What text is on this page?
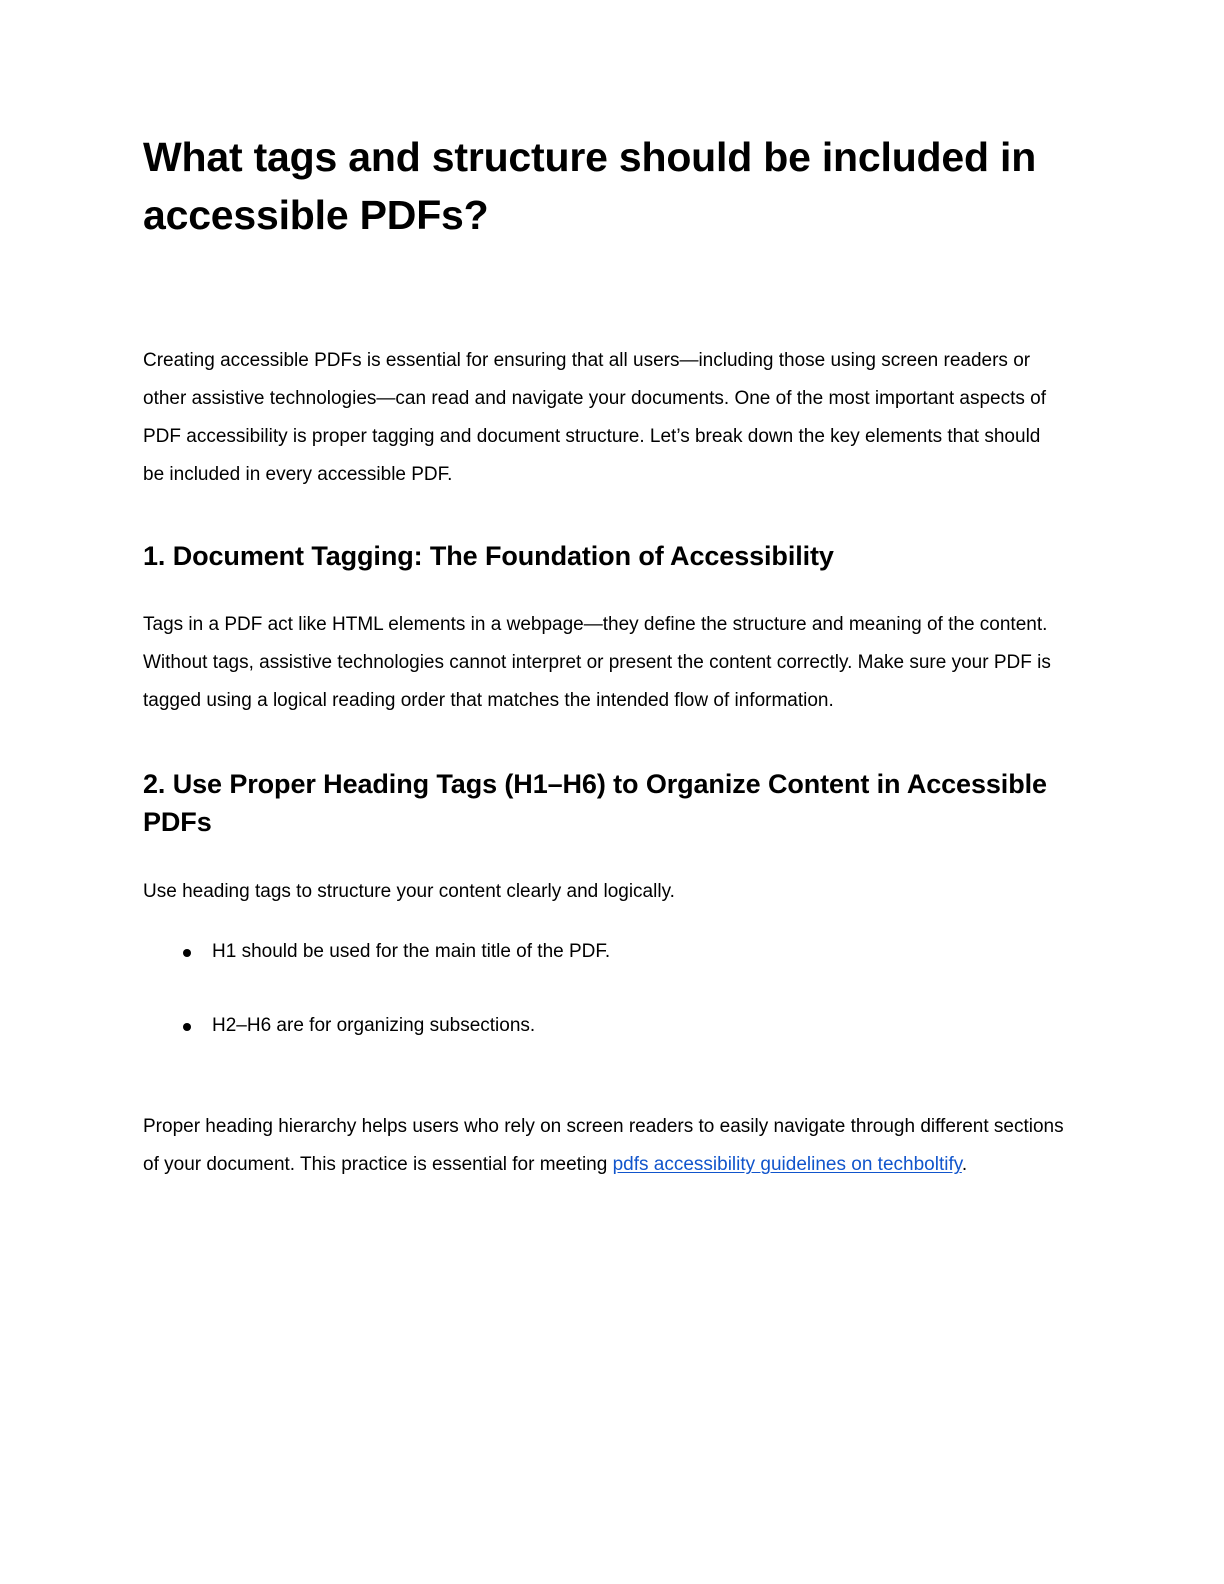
What tags and structure should be included in accessible PDFs?

Creating accessible PDFs is essential for ensuring that all users—including those using screen readers or other assistive technologies—can read and navigate your documents. One of the most important aspects of PDF accessibility is proper tagging and document structure. Let’s break down the key elements that should be included in every accessible PDF.

1. Document Tagging: The Foundation of Accessibility

Tags in a PDF act like HTML elements in a webpage—they define the structure and meaning of the content. Without tags, assistive technologies cannot interpret or present the content correctly. Make sure your PDF is tagged using a logical reading order that matches the intended flow of information.

2. Use Proper Heading Tags (H1–H6) to Organize Content in Accessible PDFs

Use heading tags to structure your content clearly and logically.

H1 should be used for the main title of the PDF.
H2–H6 are for organizing subsections.

Proper heading hierarchy helps users who rely on screen readers to easily navigate through different sections of your document. This practice is essential for meeting pdfs accessibility guidelines on techboltify.
